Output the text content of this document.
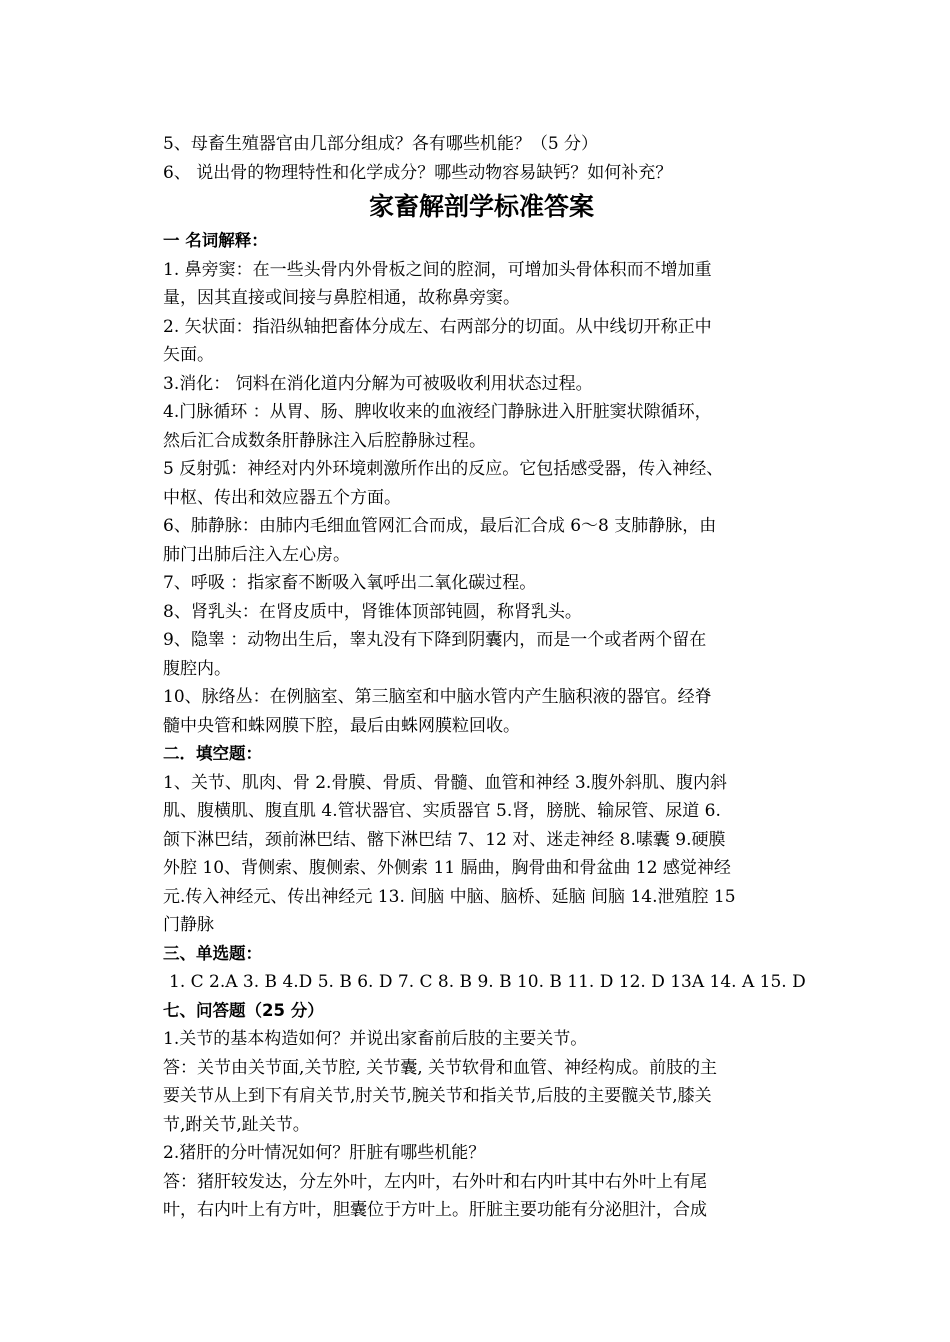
5、母畜生殖器官由几部分组成？各有哪些机能？（5 分）

6、 说出骨的物理特性和化学成分？哪些动物容易缺钙？如何补充？

家畜解剖学标准答案

一 名词解释：

1. 鼻旁窦：在一些头骨内外骨板之间的腔洞，可增加头骨体积而不增加重

量，因其直接或间接与鼻腔相通，故称鼻旁窦。

2. 矢状面：指沿纵轴把畜体分成左、右两部分的切面。从中线切开称正中

矢面。

3.消化： 饲料在消化道内分解为可被吸收利用状态过程。

4.门脉循环 ：从胃、肠、脾收收来的血液经门静脉进入肝脏窦状隙循环，

然后汇合成数条肝静脉注入后腔静脉过程。

5 反射弧：神经对内外环境刺激所作出的反应。它包括感受器，传入神经、

中枢、传出和效应器五个方面。

6、肺静脉：由肺内毛细血管网汇合而成，最后汇合成 6～8 支肺静脉，由

肺门出肺后注入左心房。

7、呼吸 ：指家畜不断吸入氧呼出二氧化碳过程。

8、肾乳头：在肾皮质中，肾锥体顶部钝圆，称肾乳头。

9、隐睾 ：动物出生后，睾丸没有下降到阴囊内，而是一个或者两个留在

腹腔内。

10、脉络丛：在例脑室、第三脑室和中脑水管内产生脑积液的器官。经脊

髓中央管和蛛网膜下腔，最后由蛛网膜粒回收。

二．填空题：

1、关节、肌肉、骨 2.骨膜、骨质、骨髓、血管和神经 3.腹外斜肌、腹内斜

肌、腹横肌、腹直肌 4.管状器官、实质器官 5.肾，膀胱、输尿管、尿道 6.

颌下淋巴结，颈前淋巴结、髂下淋巴结 7、12 对、迷走神经 8.嗉囊 9.硬膜

外腔 10、背侧索、腹侧索、外侧索 11 膈曲，胸骨曲和骨盆曲 12 感觉神经

元.传入神经元、传出神经元 13. 间脑 中脑、脑桥、延脑 间脑 14.泄殖腔 15

门静脉

三、单选题：

1. C 2.A 3. B 4.D 5. B 6. D 7. C 8. B 9. B 10. B 11. D 12. D 13A 14. A 15. D

七、问答题（25 分）

1.关节的基本构造如何？并说出家畜前后肢的主要关节。

答：关节由关节面,关节腔, 关节囊, 关节软骨和血管、神经构成。前肢的主

要关节从上到下有肩关节,肘关节,腕关节和指关节,后肢的主要髋关节,膝关

节,跗关节,趾关节。

2.猪肝的分叶情况如何？肝脏有哪些机能？

答：猪肝较发达，分左外叶，左内叶，右外叶和右内叶其中右外叶上有尾

叶，右内叶上有方叶，胆囊位于方叶上。肝脏主要功能有分泌胆汁，合成
